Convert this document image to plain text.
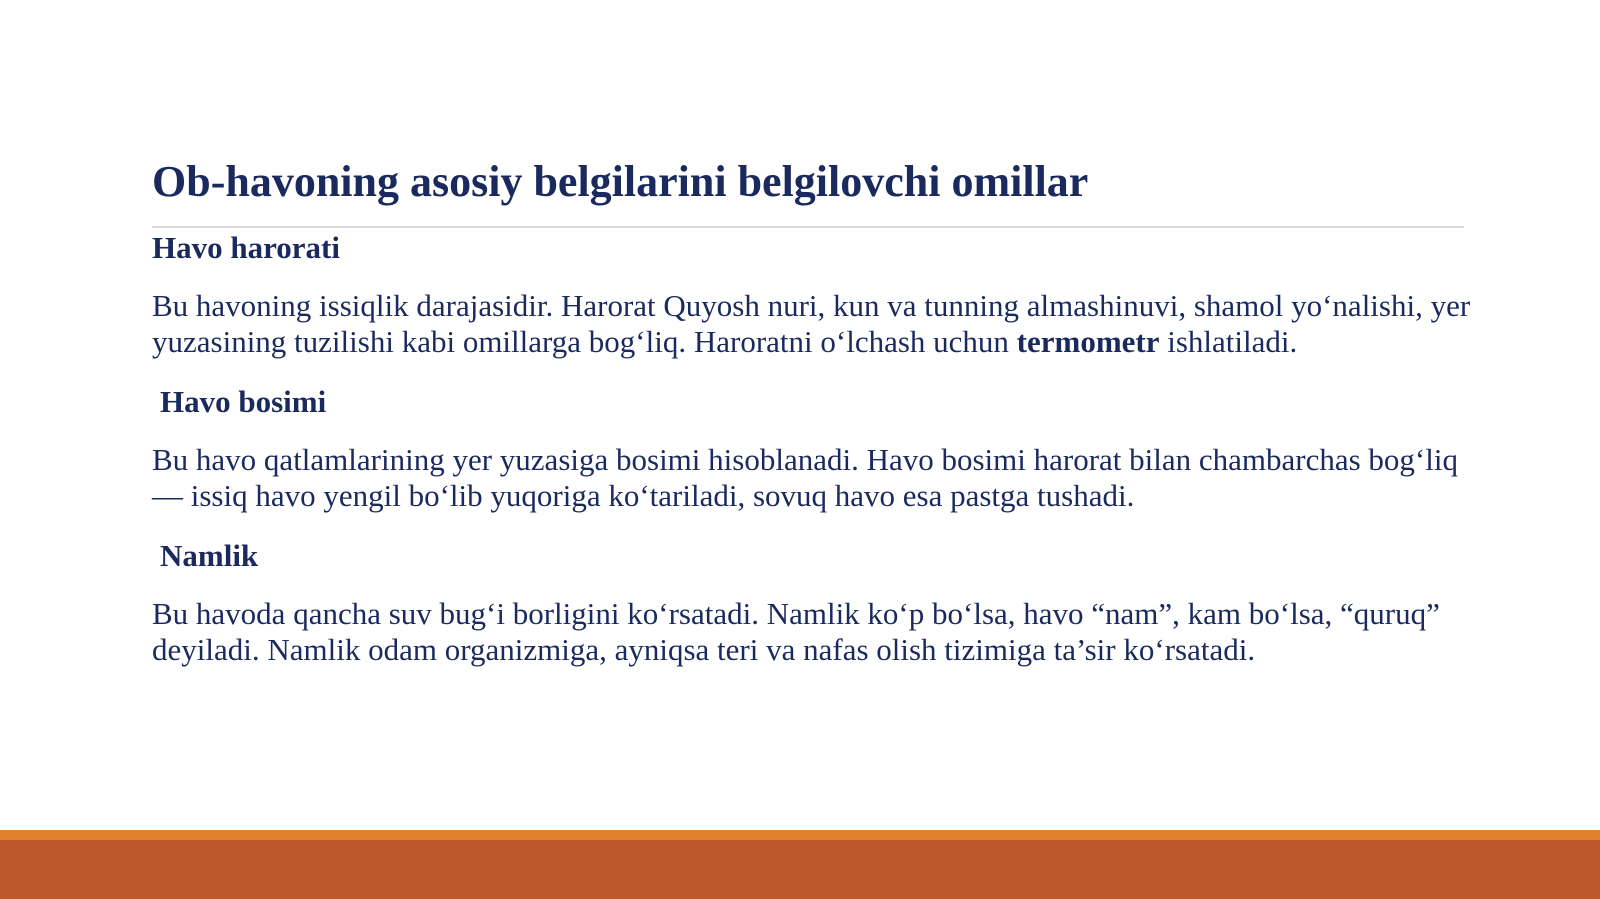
Ob-havoning asosiy belgilarini belgilovchi omillar
Havo harorati

Bu havoning issiqlik darajasidir. Harorat Quyosh nuri, kun va tunning almashinuvi, shamol yo‘nalishi, yer yuzasining tuzilishi kabi omillarga bog‘liq. Haroratni o‘lchash uchun termometr ishlatiladi.

Havo bosimi

Bu havo qatlamlarining yer yuzasiga bosimi hisoblanadi. Havo bosimi harorat bilan chambarchas bog‘liq — issiq havo yengil bo‘lib yuqoriga ko‘tariladi, sovuq havo esa pastga tushadi.

Namlik

Bu havoda qancha suv bug‘i borligini ko‘rsatadi. Namlik ko‘p bo‘lsa, havo “nam”, kam bo‘lsa, “quruq” deyiladi. Namlik odam organizmiga, ayniqsa teri va nafas olish tizimiga ta’sir ko‘rsatadi.
